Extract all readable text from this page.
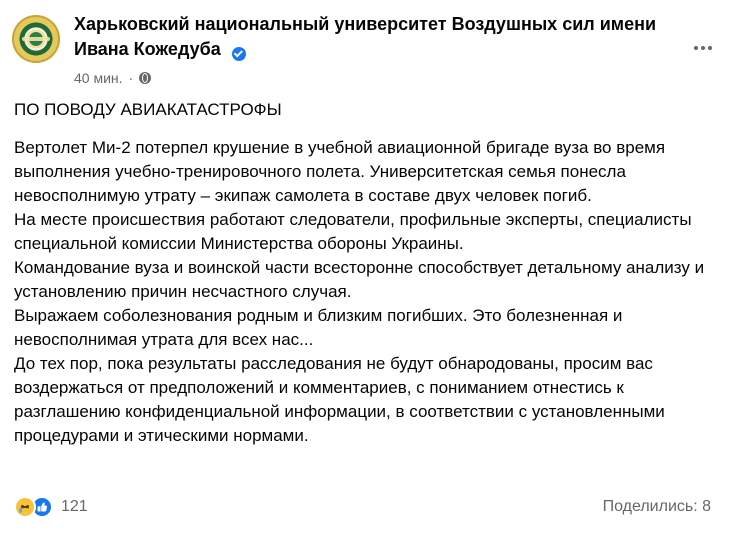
Харьковский национальный университет Воздушных сил имени Ивана Кожедуба
40 мин. ·
ПО ПОВОДУ АВИАКАТАСТРОФЫ

Вертолет Ми-2 потерпел крушение в учебной авиационной бригаде вуза во время выполнения учебно-тренировочного полета. Университетская семья понесла невосполнимую утрату – экипаж самолета в составе двух человек погиб.

На месте происшествия работают следователи, профильные эксперты, специалисты специальной комиссии Министерства обороны Украины.

Командование вуза и воинской части всесторонне способствует детальному анализу и установлению причин несчастного случая.

Выражаем соболезнования родным и близким погибших. Это болезненная и невосполнимая утрата для всех нас...

До тех пор, пока результаты расследования не будут обнародованы, просим вас воздержаться от предположений и комментариев, с пониманием отнестись к разглашению конфиденциальной информации, в соответствии с установленными процедурами и этическими нормами.

121	Поделились: 8
